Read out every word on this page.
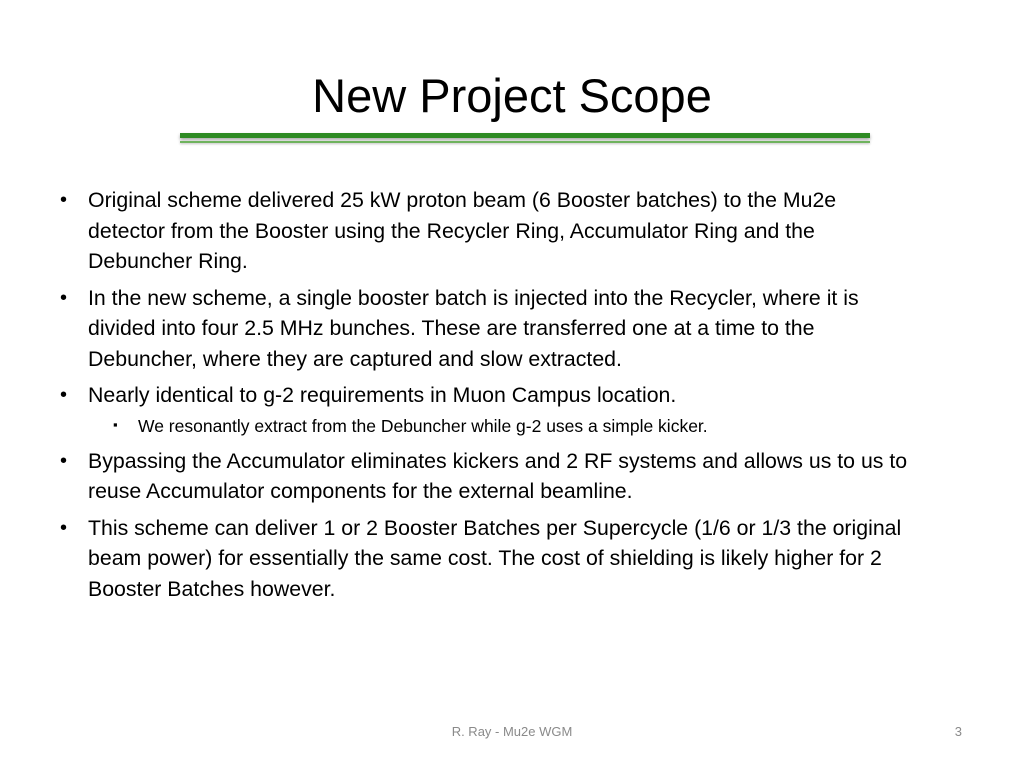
New Project Scope
• Original scheme delivered 25 kW proton beam (6 Booster batches) to the Mu2e detector from the Booster using the Recycler Ring, Accumulator Ring and the Debuncher Ring.
• In the new scheme, a single booster batch is injected into the Recycler, where it is divided into four 2.5 MHz bunches. These are transferred one at a time to the Debuncher, where they are captured and slow extracted.
• Nearly identical to g-2 requirements in Muon Campus location.
▪ We resonantly extract from the Debuncher while g-2 uses a simple kicker.
• Bypassing the Accumulator eliminates kickers and 2 RF systems and allows us to us to reuse Accumulator components for the external beamline.
• This scheme can deliver 1 or 2 Booster Batches per Supercycle (1/6 or 1/3 the original beam power) for essentially the same cost. The cost of shielding is likely higher for 2 Booster Batches however.
R. Ray - Mu2e WGM	3
